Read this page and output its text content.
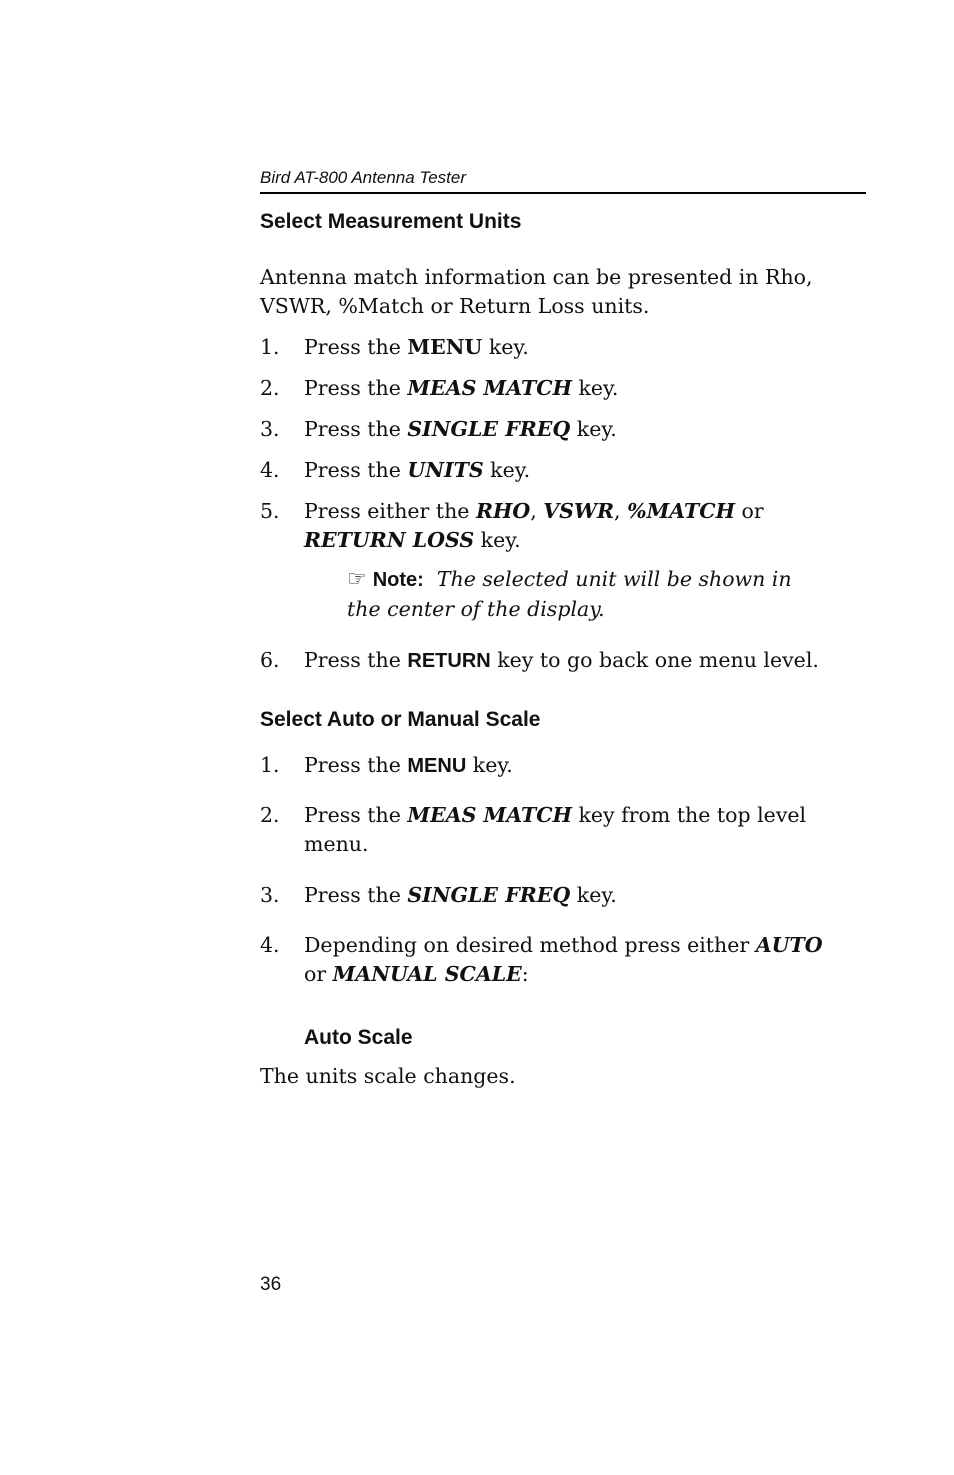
Bird AT-800 Antenna Tester
Select Measurement Units
Antenna match information can be presented in Rho,
VSWR, %Match or Return Loss units.
1. Press the MENU key.
2. Press the MEAS MATCH key.
3. Press the SINGLE FREQ key.
4. Press the UNITS key.
5. Press either the RHO, VSWR, %MATCH or
RETURN LOSS key.
☞ Note: The selected unit will be shown in
the center of the display.
6. Press the RETURN key to go back one menu level.
Select Auto or Manual Scale
1. Press the MENU key.
2. Press the MEAS MATCH key from the top level
menu.
3. Press the SINGLE FREQ key.
4. Depending on desired method press either AUTO
or MANUAL SCALE:
Auto Scale
The units scale changes.
36
